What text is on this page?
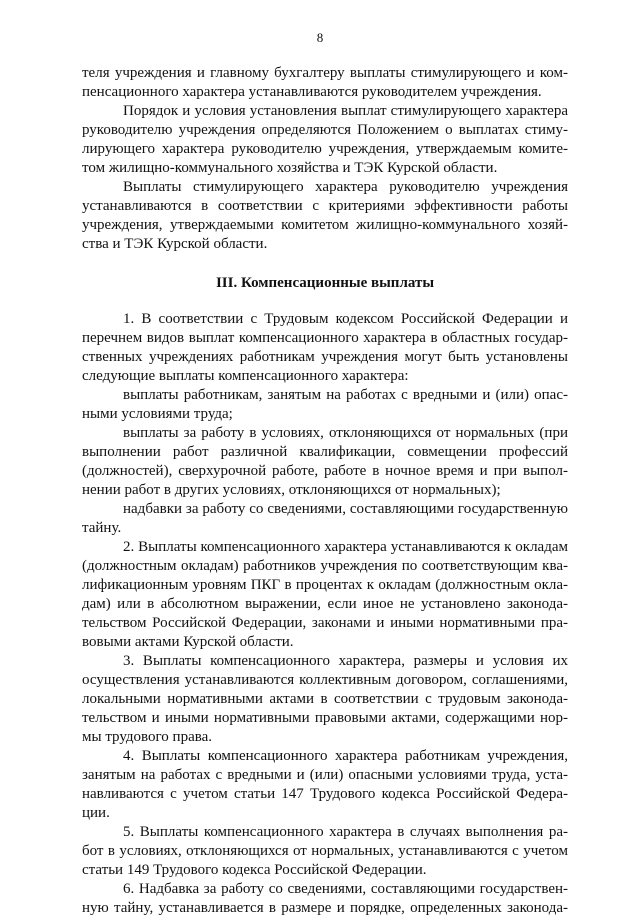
8
теля учреждения и главному бухгалтеру выплаты стимулирующего и ком-
пенсационного характера устанавливаются руководителем учреждения.
Порядок и условия установления выплат стимулирующего характера
руководителю учреждения определяются Положением о выплатах стиму-
лирующего характера руководителю учреждения, утверждаемым комите-
том жилищно-коммунального хозяйства и ТЭК Курской области.
Выплаты стимулирующего характера руководителю учреждения
устанавливаются в соответствии с критериями эффективности работы
учреждения, утверждаемыми комитетом жилищно-коммунального хозяй-
ства и ТЭК Курской области.
III. Компенсационные выплаты
1. В соответствии с Трудовым кодексом Российской Федерации и
перечнем видов выплат компенсационного характера в областных государ-
ственных учреждениях работникам учреждения могут быть установлены
следующие выплаты компенсационного характера:
выплаты работникам, занятым на работах с вредными и (или) опас-
ными условиями труда;
выплаты за работу в условиях, отклоняющихся от нормальных (при
выполнении работ различной квалификации, совмещении профессий
(должностей), сверхурочной работе, работе в ночное время и при выпол-
нении работ в других условиях, отклоняющихся от нормальных);
надбавки за работу со сведениями, составляющими государственную
тайну.
2. Выплаты компенсационного характера устанавливаются к окладам
(должностным окладам) работников учреждения по соответствующим ква-
лификационным уровням ПКГ в процентах к окладам (должностным окла-
дам) или в абсолютном выражении, если иное не установлено законода-
тельством Российской Федерации, законами и иными нормативными пра-
вовыми актами Курской области.
3. Выплаты компенсационного характера, размеры и условия их
осуществления устанавливаются коллективным договором, соглашениями,
локальными нормативными актами в соответствии с трудовым законода-
тельством и иными нормативными правовыми актами, содержащими нор-
мы трудового права.
4. Выплаты компенсационного характера работникам учреждения,
занятым на работах с вредными и (или) опасными условиями труда, уста-
навливаются с учетом статьи 147 Трудового кодекса Российской Федера-
ции.
5. Выплаты компенсационного характера в случаях выполнения ра-
бот в условиях, отклоняющихся от нормальных, устанавливаются с учетом
статьи 149 Трудового кодекса Российской Федерации.
6. Надбавка за работу со сведениями, составляющими государствен-
ную тайну, устанавливается в размере и порядке, определенных законода-
